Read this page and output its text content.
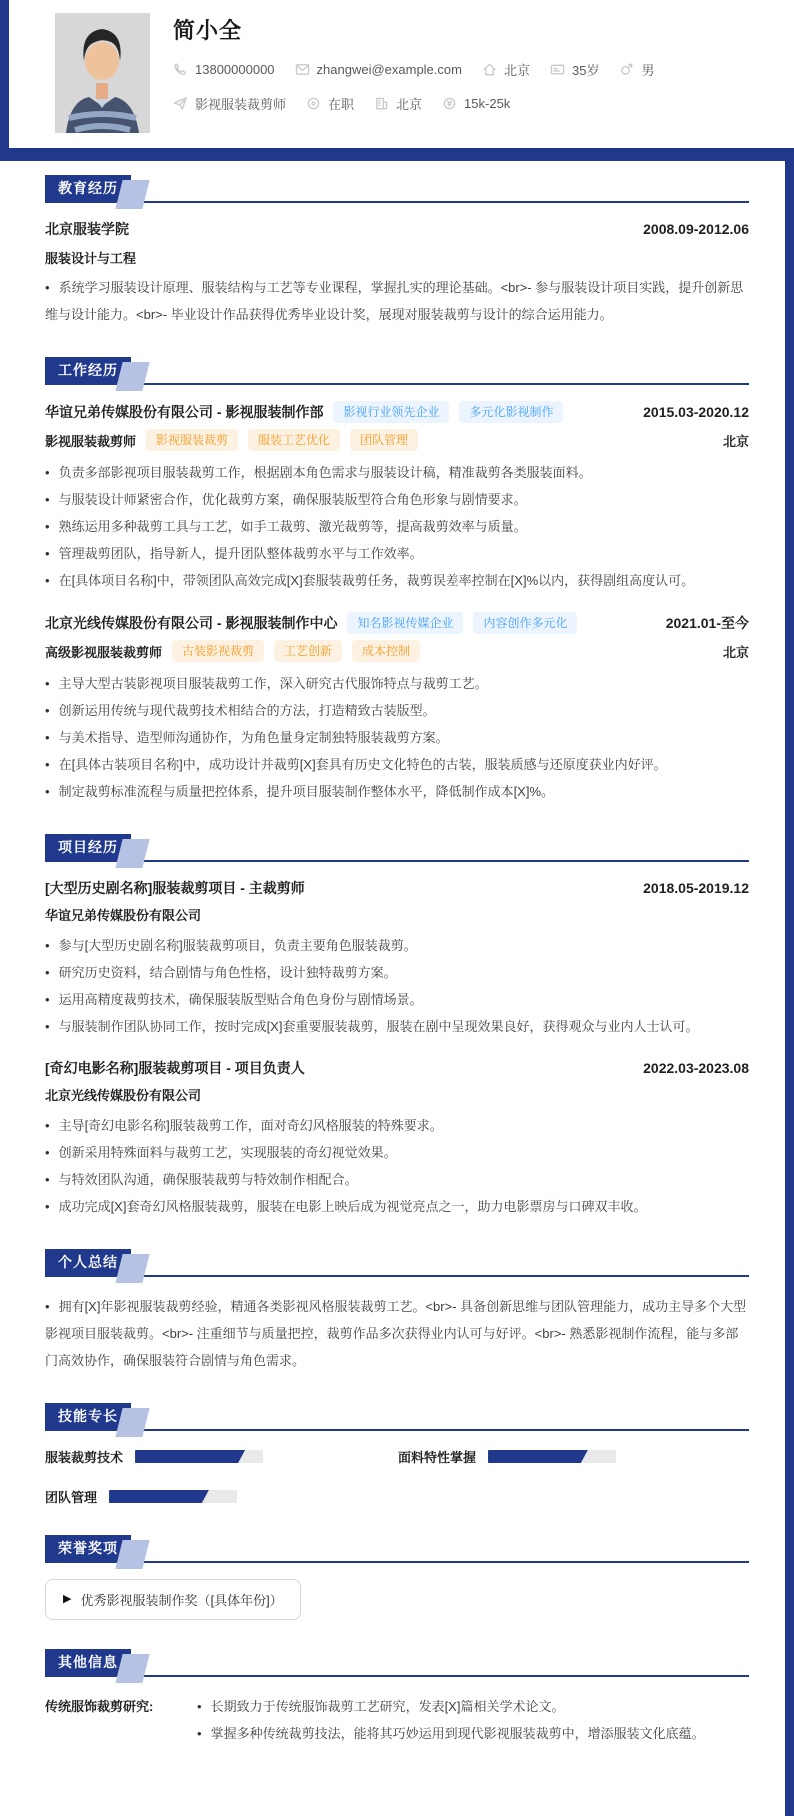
简小全
13800000000	zhangwei@example.com	北京	35岁	男
影视服装裁剪师	在职	北京	15k-25k
教育经历
北京服装学院	2008.09-2012.06
服装设计与工程

• 系统学习服装设计原理、服装结构与工艺等专业课程，掌握扎实的理论基础。<br>- 参与服装设计项目实践，提升创新思维与设计能力。<br>- 毕业设计作品获得优秀毕业设计奖，展现对服装裁剪与设计的综合运用能力。

工作经历
华谊兄弟传媒股份有限公司 - 影视服装制作部	影视行业领先企业	多元化影视制作	2015.03-2020.12
影视服装裁剪师	影视服装裁剪	服装工艺优化	团队管理	北京

• 负责多部影视项目服装裁剪工作，根据剧本角色需求与服装设计稿，精准裁剪各类服装面料。

• 与服装设计师紧密合作，优化裁剪方案，确保服装版型符合角色形象与剧情要求。

• 熟练运用多种裁剪工具与工艺，如手工裁剪、激光裁剪等，提高裁剪效率与质量。

• 管理裁剪团队，指导新人，提升团队整体裁剪水平与工作效率。

• 在[具体项目名称]中，带领团队高效完成[X]套服装裁剪任务，裁剪误差率控制在[X]%以内，获得剧组高度认可。

北京光线传媒股份有限公司 - 影视服装制作中心	知名影视传媒企业	内容创作多元化	2021.01-至今
高级影视服装裁剪师	古装影视裁剪	工艺创新	成本控制	北京

• 主导大型古装影视项目服装裁剪工作，深入研究古代服饰特点与裁剪工艺。

• 创新运用传统与现代裁剪技术相结合的方法，打造精致古装版型。

• 与美术指导、造型师沟通协作，为角色量身定制独特服装裁剪方案。

• 在[具体古装项目名称]中，成功设计并裁剪[X]套具有历史文化特色的古装，服装质感与还原度获业内好评。

• 制定裁剪标准流程与质量把控体系，提升项目服装制作整体水平，降低制作成本[X]%。

项目经历
[大型历史剧名称]服装裁剪项目 - 主裁剪师	2018.05-2019.12
华谊兄弟传媒股份有限公司

• 参与[大型历史剧名称]服装裁剪项目，负责主要角色服装裁剪。

• 研究历史资料，结合剧情与角色性格，设计独特裁剪方案。

• 运用高精度裁剪技术，确保服装版型贴合角色身份与剧情场景。

• 与服装制作团队协同工作，按时完成[X]套重要服装裁剪，服装在剧中呈现效果良好，获得观众与业内人士认可。

[奇幻电影名称]服装裁剪项目 - 项目负责人	2022.03-2023.08
北京光线传媒股份有限公司

• 主导[奇幻电影名称]服装裁剪工作，面对奇幻风格服装的特殊要求。

• 创新采用特殊面料与裁剪工艺，实现服装的奇幻视觉效果。

• 与特效团队沟通，确保服装裁剪与特效制作相配合。

• 成功完成[X]套奇幻风格服装裁剪，服装在电影上映后成为视觉亮点之一，助力电影票房与口碑双丰收。

个人总结

• 拥有[X]年影视服装裁剪经验，精通各类影视风格服装裁剪工艺。<br>- 具备创新思维与团队管理能力，成功主导多个大型影视项目服装裁剪。<br>- 注重细节与质量把控，裁剪作品多次获得业内认可与好评。<br>- 熟悉影视制作流程，能与多部门高效协作，确保服装符合剧情与角色需求。

技能专长
服装裁剪技术	面料特性掌握
团队管理
荣誉奖项
▶ 优秀影视服装制作奖（[具体年份]）
其他信息
传统服饰裁剪研究:	• 长期致力于传统服饰裁剪工艺研究，发表[X]篇相关学术论文。

• 掌握多种传统裁剪技法，能将其巧妙运用到现代影视服装裁剪中，增添服装文化底蕴。
